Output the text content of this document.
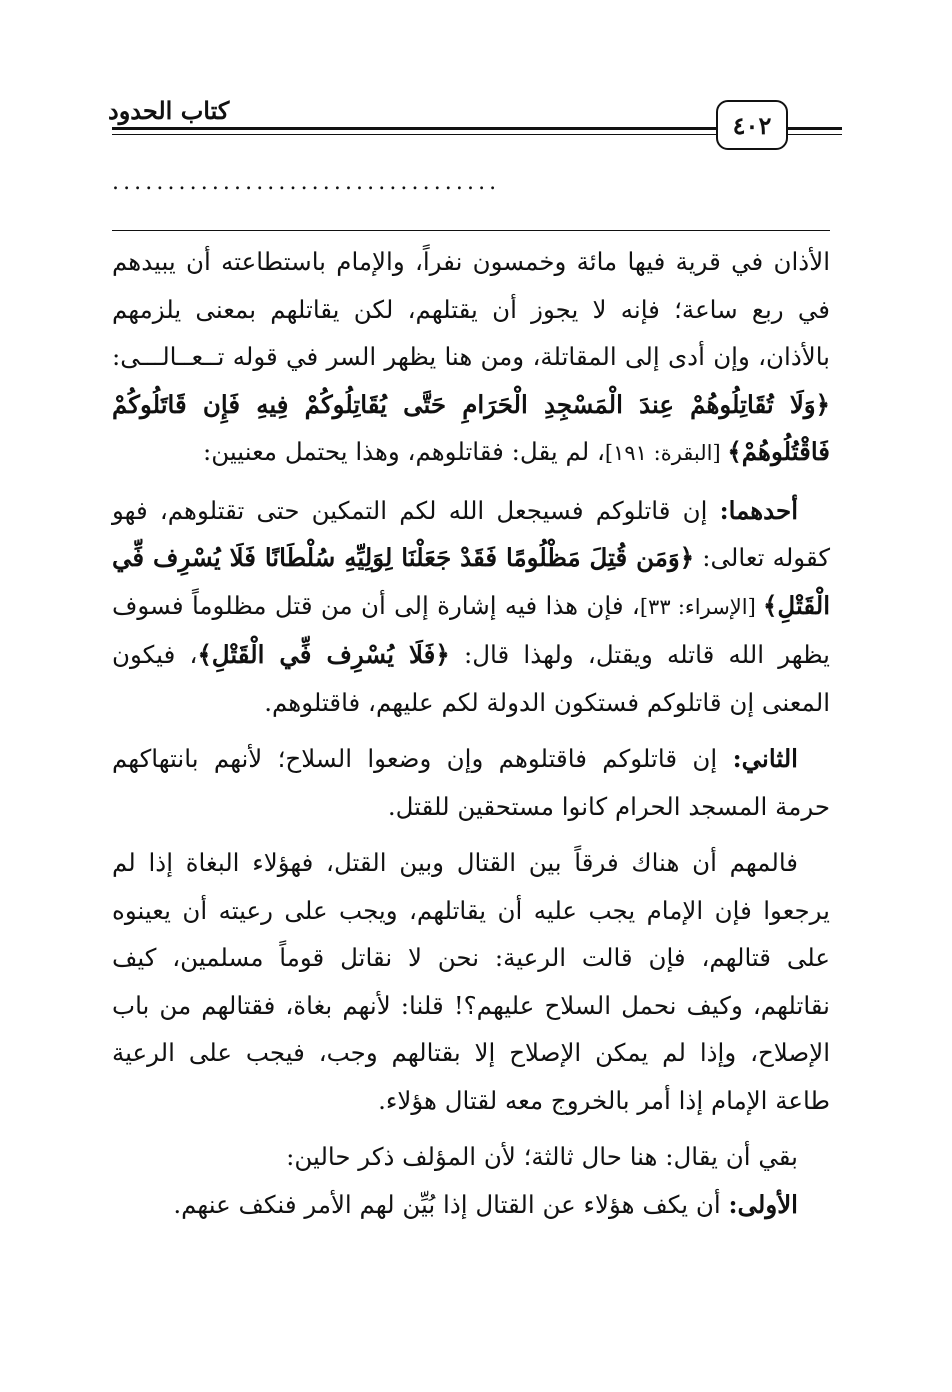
كتاب الحدود	٤٠٢
...................................

الأذان في قرية فيها مائة وخمسون نفراً، والإمام باستطاعته أن يبيدهم في ربع ساعة؛ فإنه لا يجوز أن يقتلهم، لكن يقاتلهم بمعنى يلزمهم بالأذان، وإن أدى إلى المقاتلة، ومن هنا يظهر السر في قوله تــعــالـــى: ﴿وَلَا تُقَاتِلُوهُمْ عِندَ الْمَسْجِدِ الْحَرَامِ حَتَّى يُقَاتِلُوكُمْ فِيهِ فَإِن قَاتَلُوكُمْ فَاقْتُلُوهُمْ﴾ [البقرة: ١٩١]، لم يقل: فقاتلوهم، وهذا يحتمل معنيين:

أحدهما: إن قاتلوكم فسيجعل الله لكم التمكين حتى تقتلوهم، فهو كقوله تعالى: ﴿وَمَن قُتِلَ مَظْلُومًا فَقَدْ جَعَلْنَا لِوَلِيِّهِ سُلْطَانًا فَلَا يُسْرِف فِّي الْقَتْلِ﴾ [الإسراء: ٣٣]، فإن هذا فيه إشارة إلى أن من قتل مظلوماً فسوف يظهر الله قاتله ويقتل، ولهذا قال: ﴿فَلَا يُسْرِف فِّي الْقَتْلِ﴾، فيكون المعنى إن قاتلوكم فستكون الدولة لكم عليهم، فاقتلوهم.

الثاني: إن قاتلوكم فاقتلوهم وإن وضعوا السلاح؛ لأنهم بانتهاكهم حرمة المسجد الحرام كانوا مستحقين للقتل.

فالمهم أن هناك فرقاً بين القتال وبين القتل، فهؤلاء البغاة إذا لم يرجعوا فإن الإمام يجب عليه أن يقاتلهم، ويجب على رعيته أن يعينوه على قتالهم، فإن قالت الرعية: نحن لا نقاتل قوماً مسلمين، كيف نقاتلهم، وكيف نحمل السلاح عليهم؟! قلنا: لأنهم بغاة، فقتالهم من باب الإصلاح، وإذا لم يمكن الإصلاح إلا بقتالهم وجب، فيجب على الرعية طاعة الإمام إذا أمر بالخروج معه لقتال هؤلاء.

بقي أن يقال: هنا حال ثالثة؛ لأن المؤلف ذكر حالين:

الأولى: أن يكف هؤلاء عن القتال إذا بُيِّن لهم الأمر فنكف عنهم.
